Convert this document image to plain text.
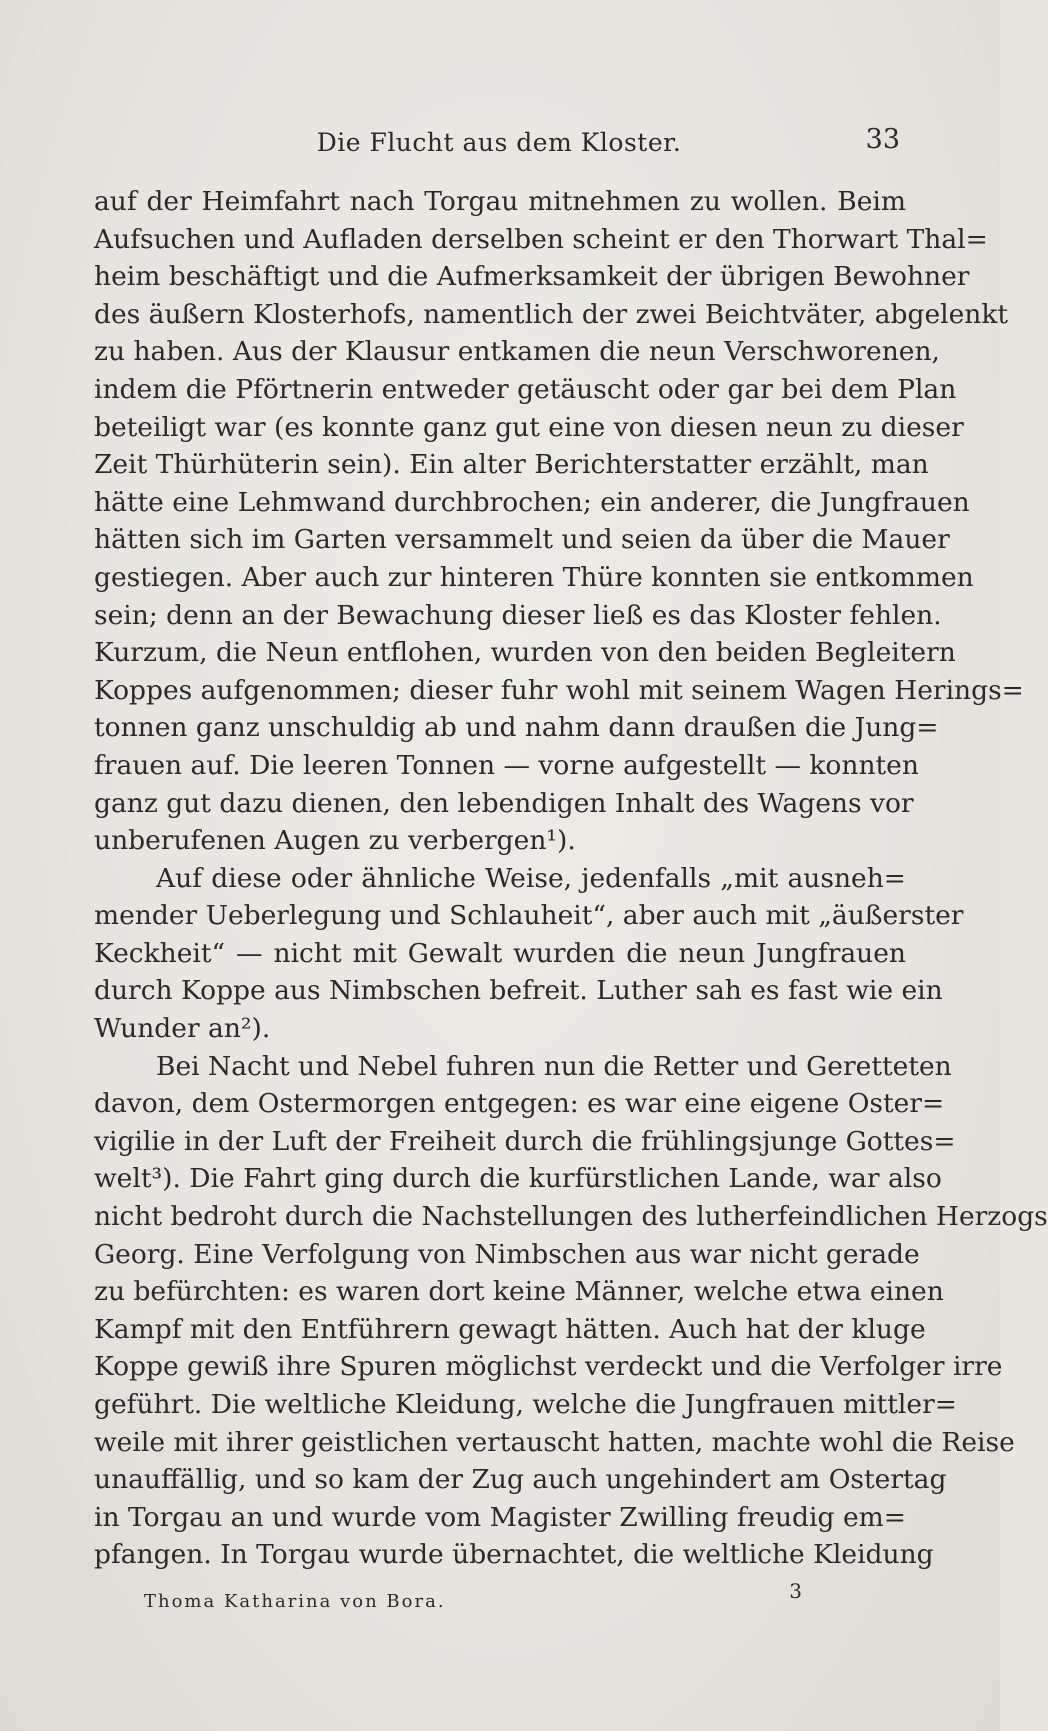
Die Flucht aus dem Kloster.	33
auf der Heimfahrt nach Torgau mitnehmen zu wollen. Beim
Aufsuchen und Aufladen derselben scheint er den Thorwart Thal=
heim beschäftigt und die Aufmerksamkeit der übrigen Bewohner
des äußern Klosterhofs, namentlich der zwei Beichtväter, abgelenkt
zu haben. Aus der Klausur entkamen die neun Verschworenen,
indem die Pförtnerin entweder getäuscht oder gar bei dem Plan
beteiligt war (es konnte ganz gut eine von diesen neun zu dieser
Zeit Thürhüterin sein). Ein alter Berichterstatter erzählt, man
hätte eine Lehmwand durchbrochen; ein anderer, die Jungfrauen
hätten sich im Garten versammelt und seien da über die Mauer
gestiegen. Aber auch zur hinteren Thüre konnten sie entkommen
sein; denn an der Bewachung dieser ließ es das Kloster fehlen.
Kurzum, die Neun entflohen, wurden von den beiden Begleitern
Koppes aufgenommen; dieser fuhr wohl mit seinem Wagen Herings=
tonnen ganz unschuldig ab und nahm dann draußen die Jung=
frauen auf. Die leeren Tonnen — vorne aufgestellt — konnten
ganz gut dazu dienen, den lebendigen Inhalt des Wagens vor
unberufenen Augen zu verbergen¹).
Auf diese oder ähnliche Weise, jedenfalls „mit ausneh=
mender Ueberlegung und Schlauheit“, aber auch mit „äußerster
Keckheit“ — nicht mit Gewalt wurden die neun Jungfrauen
durch Koppe aus Nimbschen befreit. Luther sah es fast wie ein
Wunder an²).
Bei Nacht und Nebel fuhren nun die Retter und Geretteten
davon, dem Ostermorgen entgegen: es war eine eigene Oster=
vigilie in der Luft der Freiheit durch die frühlingsjunge Gottes=
welt³). Die Fahrt ging durch die kurfürstlichen Lande, war also
nicht bedroht durch die Nachstellungen des lutherfeindlichen Herzogs
Georg. Eine Verfolgung von Nimbschen aus war nicht gerade
zu befürchten: es waren dort keine Männer, welche etwa einen
Kampf mit den Entführern gewagt hätten. Auch hat der kluge
Koppe gewiß ihre Spuren möglichst verdeckt und die Verfolger irre
geführt. Die weltliche Kleidung, welche die Jungfrauen mittler=
weile mit ihrer geistlichen vertauscht hatten, machte wohl die Reise
unauffällig, und so kam der Zug auch ungehindert am Ostertag
in Torgau an und wurde vom Magister Zwilling freudig em=
pfangen. In Torgau wurde übernachtet, die weltliche Kleidung
Thoma Katharina von Bora.	3
